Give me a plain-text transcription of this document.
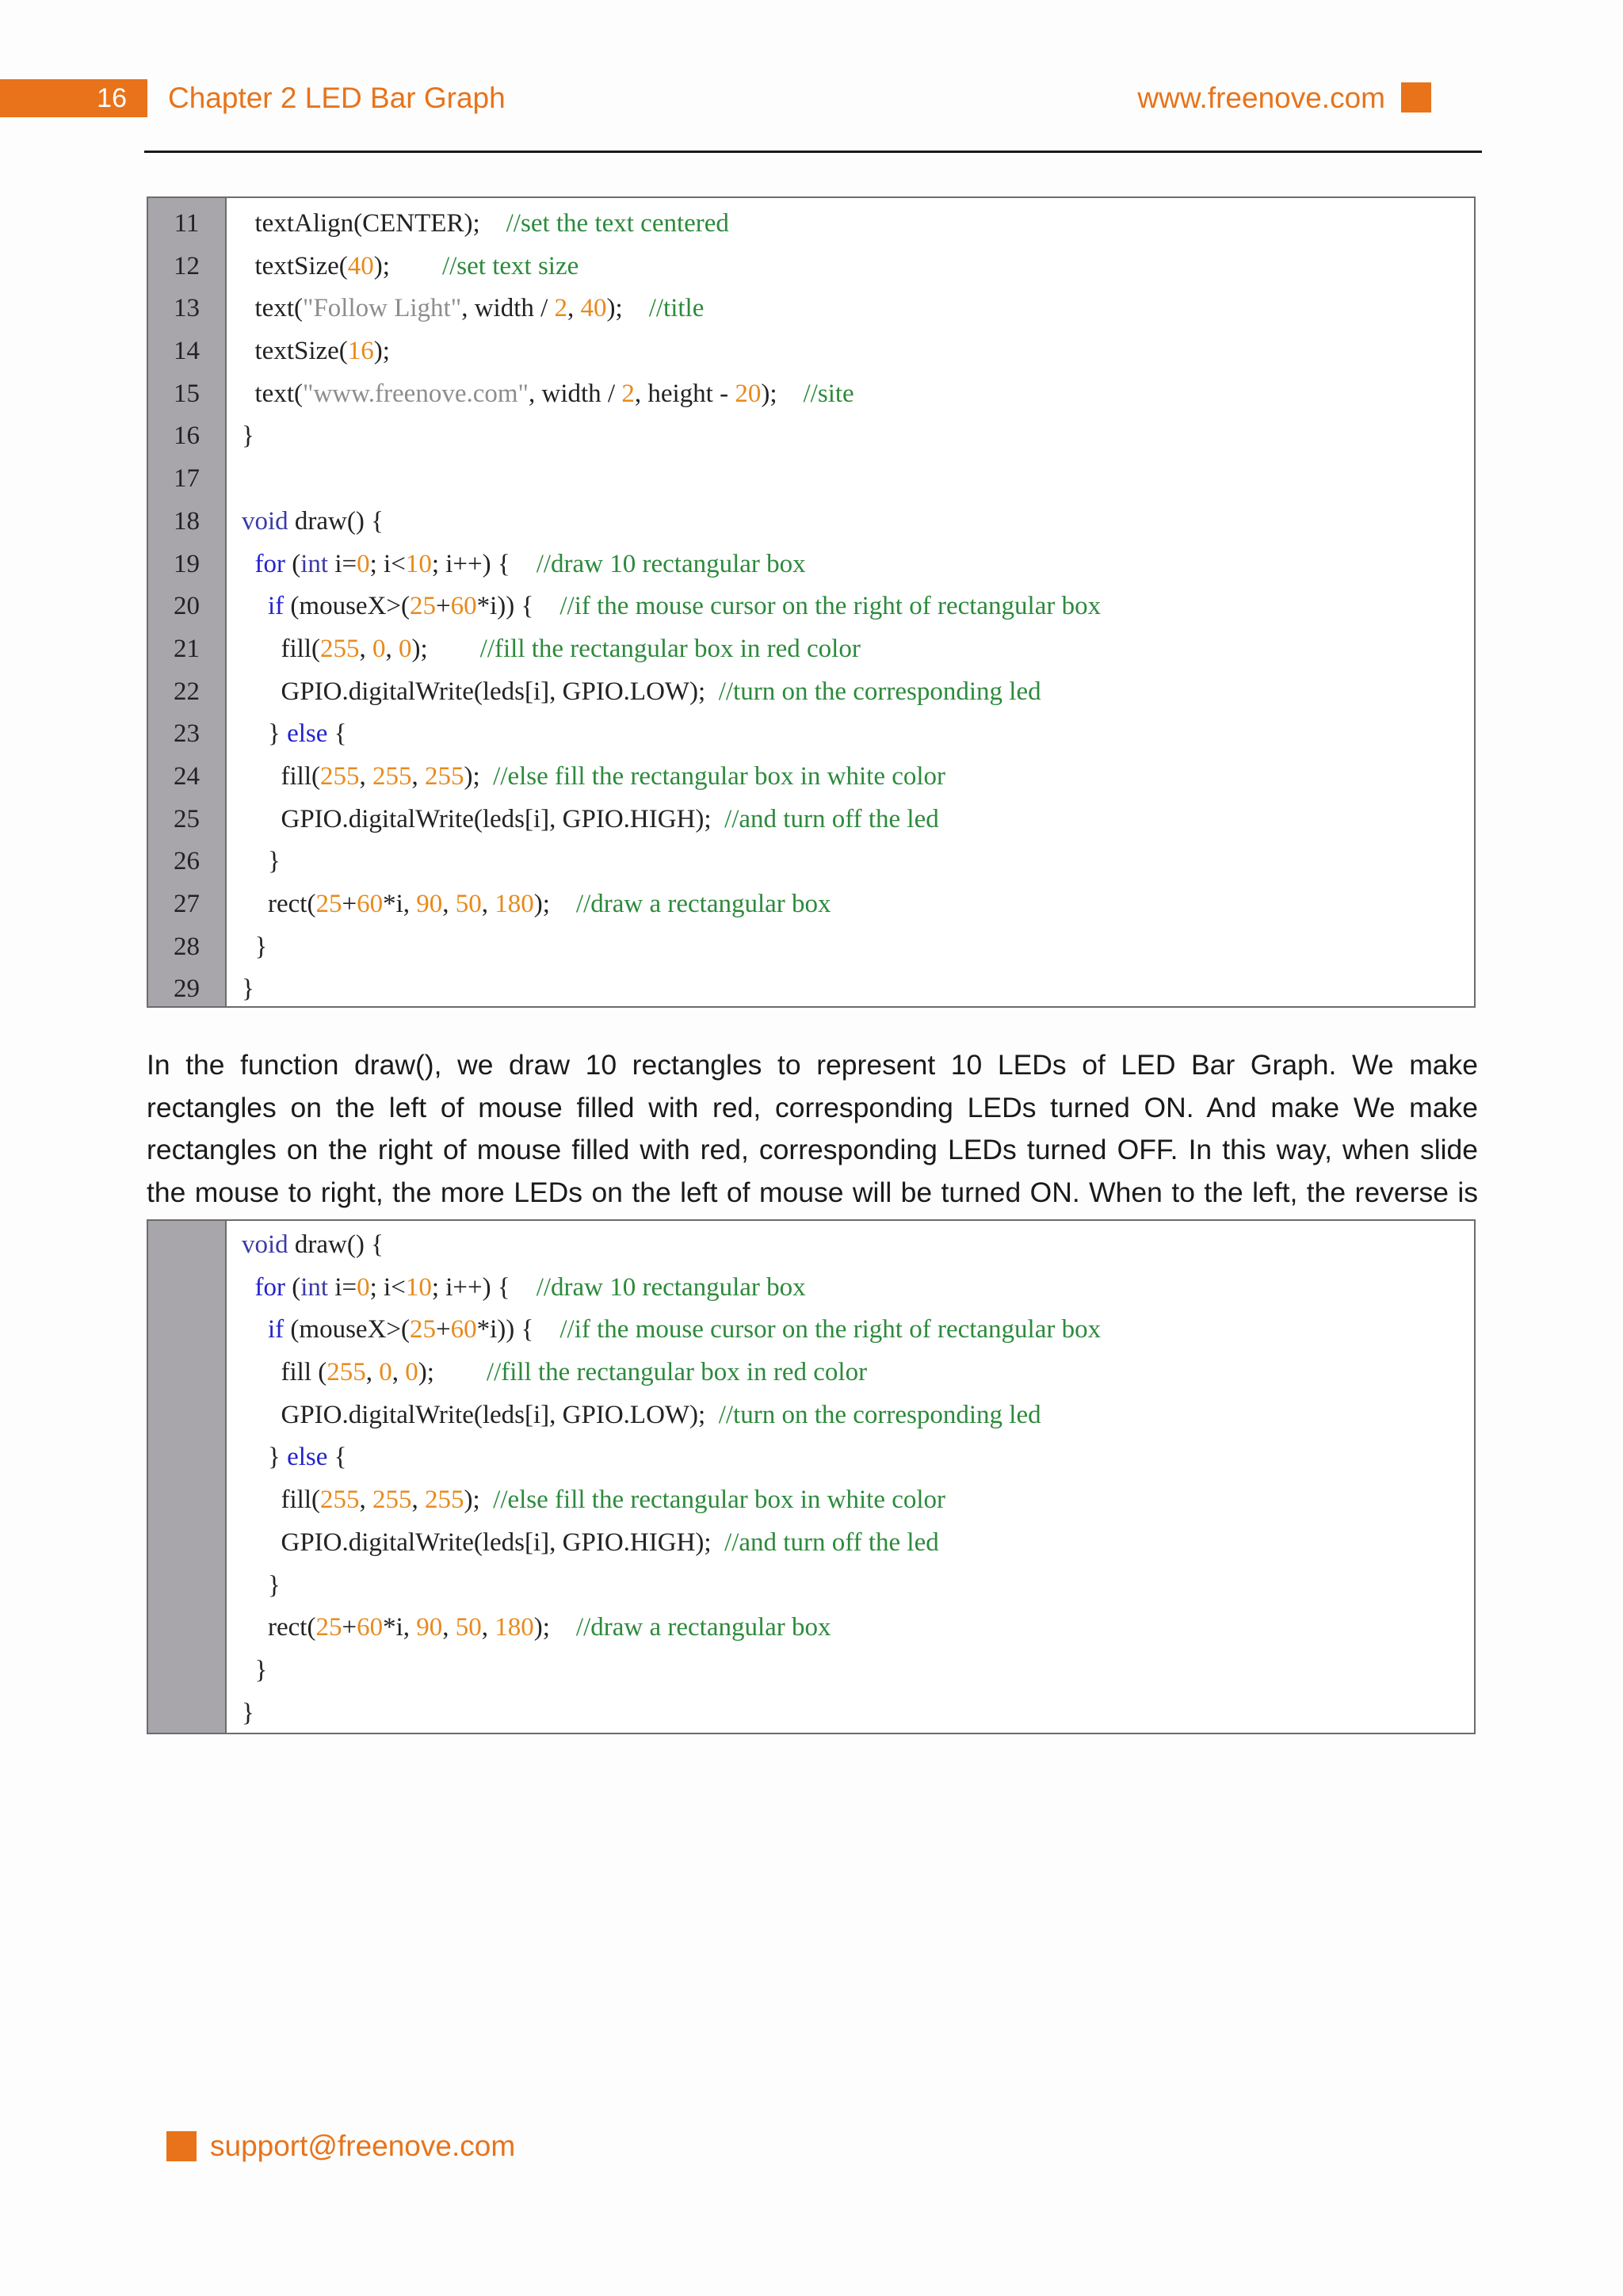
16	Chapter 2 LED Bar Graph	www.freenove.com
11	textAlign(CENTER);    //set the text centered
12	textSize(40);        //set text size
13	text("Follow Light", width / 2, 40);    //title
14	textSize(16);
15	text("www.freenove.com", width / 2, height - 20);    //site
16	}
17
18	void draw() {
19	for (int i=0; i<10; i++) {    //draw 10 rectangular box
20	if (mouseX>(25+60*i)) {    //if the mouse cursor on the right of rectangular box
21	fill(255, 0, 0);        //fill the rectangular box in red color
22	GPIO.digitalWrite(leds[i], GPIO.LOW);  //turn on the corresponding led
23	} else {
24	fill(255, 255, 255);  //else fill the rectangular box in white color
25	GPIO.digitalWrite(leds[i], GPIO.HIGH);  //and turn off the led
26	}
27	rect(25+60*i, 90, 50, 180);    //draw a rectangular box
28	}
29	}

In the function draw(), we draw 10 rectangles to represent 10 LEDs of LED Bar Graph. We make rectangles on the left of mouse filled with red, corresponding LEDs turned ON. And make We make rectangles on the right of mouse filled with red, corresponding LEDs turned OFF. In this way, when slide the mouse to right, the more LEDs on the left of mouse will be turned ON. When to the left, the reverse is

void draw() {
for (int i=0; i<10; i++) {    //draw 10 rectangular box
if (mouseX>(25+60*i)) {    //if the mouse cursor on the right of rectangular box
fill (255, 0, 0);        //fill the rectangular box in red color
GPIO.digitalWrite(leds[i], GPIO.LOW);  //turn on the corresponding led
} else {
fill(255, 255, 255);  //else fill the rectangular box in white color
GPIO.digitalWrite(leds[i], GPIO.HIGH);  //and turn off the led
}
rect(25+60*i, 90, 50, 180);    //draw a rectangular box
}
}
support@freenove.com
